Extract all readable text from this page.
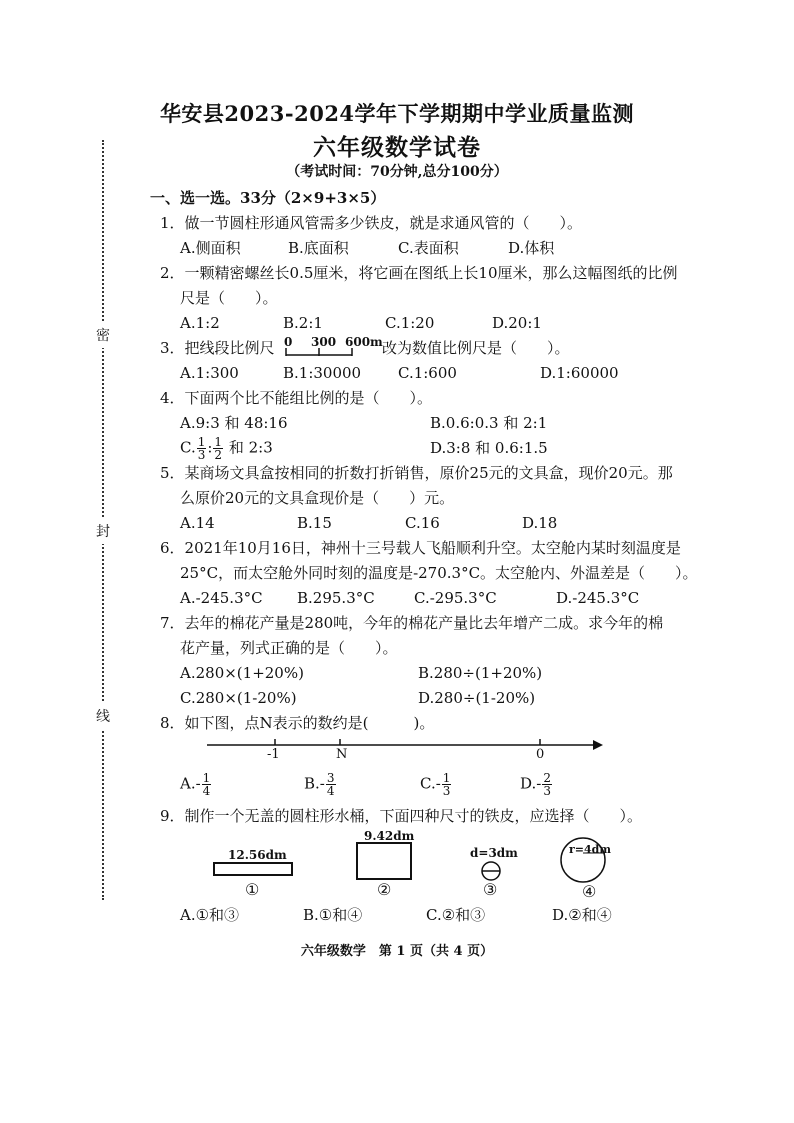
密
封
线
华安县2023-2024学年下学期期中学业质量监测
六年级数学试卷
（考试时间：70分钟,总分100分）
一、选一选。33分（2×9+3×5）
1．做一节圆柱形通风管需多少铁皮，就是求通风管的（　　）。
A.侧面积	B.底面积	C.表面积	D.体积
2．一颗精密螺丝长0.5厘米，将它画在图纸上长10厘米，那么这幅图纸的比例
尺是（　　）。
A.1:2	B.2:1	C.1:20	D.20:1
3．把线段比例尺 0 300 600m 改为数值比例尺是（　　）。
A.1:300	B.1:30000 C.1:600	D.1:60000
4．下面两个比不能组比例的是（　　）。
A.9:3 和 48:16	B.0.6:0.3 和 2:1
C. $\frac{1}{3}$ : $\frac{1}{2}$ 和 2:3	D.3:8 和 0.6:1.5
5．某商场文具盒按相同的折数打折销售，原价25元的文具盒，现价20元。那
么原价20元的文具盒现价是（　　）元。
A.14	B.15	C.16	D.18
6．2021年10月16日，神州十三号载人飞船顺利升空。太空舱内某时刻温度是
25°C，而太空舱外同时刻的温度是-270.3°C。太空舱内、外温差是（　　）。
A.-245.3°C B.295.3°C	C.-295.3°C	D.-245.3°C
7．去年的棉花产量是280吨，今年的棉花产量比去年增产二成。求今年的棉
花产量，列式正确的是（　　）。
A.280×(1+20%)	B.280÷(1+20%)
C.280×(1-20%)	D.280÷(1-20%)
8．如下图，点N表示的数约是(　　　)。
-1	N	0
$A.- \frac{1}{4}$	$B.- \frac{3}{4}$	$C.- \frac{1}{3}$	$D.- \frac{2}{3}$
9．制作一个无盖的圆柱形水桶，下面四种尺寸的铁皮，应选择（　　）。
12.56dm
①
9.42dm
②
d=3dm
③
r=4dm
④
A.①和③	B.①和④	C.②和③	D.②和④
六年级数学　第 1 页（共 4 页）
